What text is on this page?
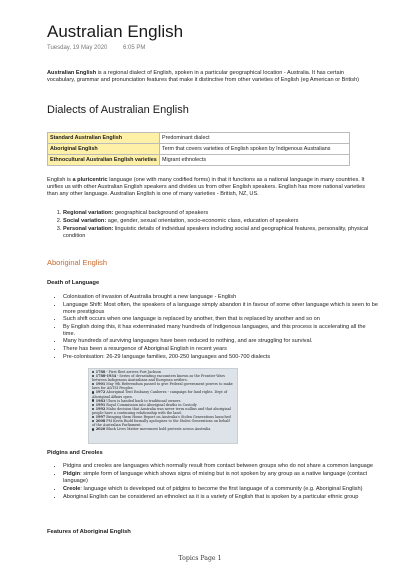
Australian English
Tuesday, 19 May 2020	6:05 PM

Australian English is a regional dialect of English, spoken in a particular geographical location - Australia. It has certain vocabulary, grammar and pronunciation features that make it distinctive from other varieties of English (eg American or British)

Dialects of Australian English
Standard Australian English	Predominant dialect
Aboriginal English	Term that covers varieties of English spoken by Indigenous Australians
Ethnocultural Australian English varieties	Migrant ethnolects

English is a pluricentric language (one with many codified forms) in that it functions as a national language in many countries. It unifies us with other Australian English speakers and divides us from other English speakers. English has more national varieties than any other language. Australian English is one of many varieties - British, NZ, US.

1. Regional variation: geographical background of speakers
2. Social variation: age, gender, sexual orientation, socio-economic class, education of speakers
3. Personal variation: linguistic details of individual speakers including social and geographical features, personality, physical condition
Aboriginal English

Death of Language

• Colonisation of invasion of Australia brought a new language - English
• Language Shift: Most often, the speakers of a language simply abandon it in favour of some other language which is seen to be more prestigious
• Such shift occurs when one language is replaced by another, then that is replaced by another and so on
• By English doing this, it has exterminated many hundreds of Indigenous languages, and this process is accelerating all the time.
• Many hundreds of surviving languages have been reduced to nothing, and are struggling for survival.
• There has been a resurgence of Aboriginal English in recent years
• Pre-colonisation: 26-29 language families, 200-250 languages and 500-700 dialects
1788 - First fleet arrives Port Jackson
1788-1934 - Series of devastating encounters known as the Frontier Wars between Indigenous Australians and European settlers.
1901 May 9th Referendum passed to give Federal government powers to make laws for A&TSI Peoples.
1972 Aboriginal Tent Embassy Canberra - campaign for land rights. Dept of Aboriginal Affairs open.
1983 Uluru is handed back to traditional owners.
1991 Royal Commission into Aboriginal deaths in Custody
1992 Mabo decision that Australia was never terra nullius and that aboriginal people have a continuing relationship with the land.
1997 Bringing them Home Report on Australia's Stolen Generations launched
2008 PM Kevin Rudd formally apologises to the Stolen Generations on behalf of the Australian Parliament.
2020 Black Lives Matter movement hold protests across Australia

Pidgins and Creoles

• Pidgins and creoles are languages which normally result from contact between groups who do not share a common language
• Pidgin: simple form of language which shows signs of mixing but is not spoken by any group as a native language (contact language)
• Creole: language which is developed out of pidgins to become the first language of a community (e.g. Aboriginal English)
• Aboriginal English can be considered an ethnolect as it is a variety of English that is spoken by a particular ethnic group

Features of Aboriginal English

Topics Page 1
